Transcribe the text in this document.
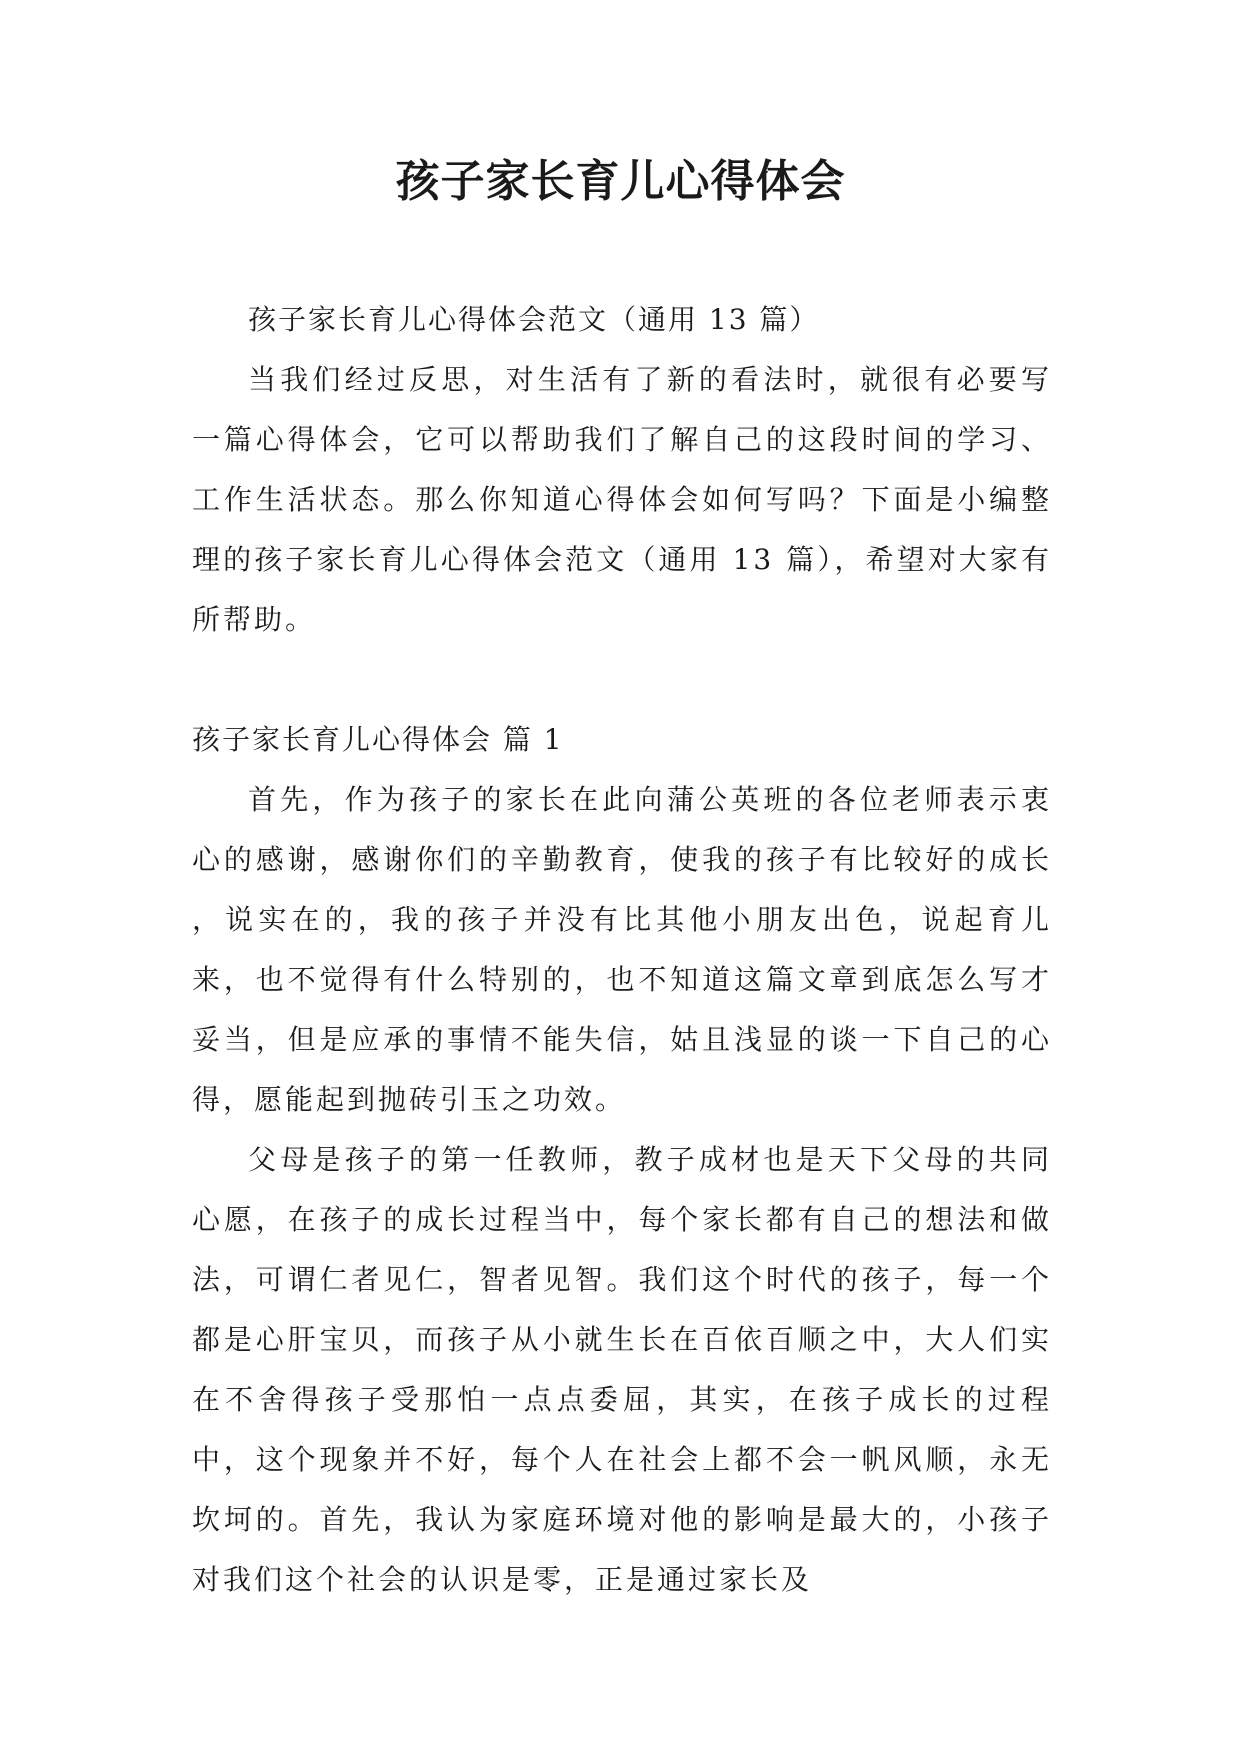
孩子家长育儿心得体会

孩子家长育儿心得体会范文（通用 13 篇）

当我们经过反思，对生活有了新的看法时，就很有必要写一篇心得体会，它可以帮助我们了解自己的这段时间的学习、工作生活状态。那么你知道心得体会如何写吗？下面是小编整理的孩子家长育儿心得体会范文（通用 13 篇），希望对大家有所帮助。

孩子家长育儿心得体会 篇 1

首先，作为孩子的家长在此向蒲公英班的各位老师表示衷心的感谢，感谢你们的辛勤教育，使我的孩子有比较好的成长 ，说实在的，我的孩子并没有比其他小朋友出色，说起育儿来，也不觉得有什么特别的，也不知道这篇文章到底怎么写才妥当，但是应承的事情不能失信，姑且浅显的谈一下自己的心得，愿能起到抛砖引玉之功效。

父母是孩子的第一任教师，教子成材也是天下父母的共同心愿，在孩子的成长过程当中，每个家长都有自己的想法和做法，可谓仁者见仁，智者见智。我们这个时代的孩子，每一个都是心肝宝贝，而孩子从小就生长在百依百顺之中，大人们实在不舍得孩子受那怕一点点委屈，其实，在孩子成长的过程中，这个现象并不好，每个人在社会上都不会一帆风顺，永无坎坷的。首先，我认为家庭环境对他的影响是最大的，小孩子对我们这个社会的认识是零，正是通过家长及
